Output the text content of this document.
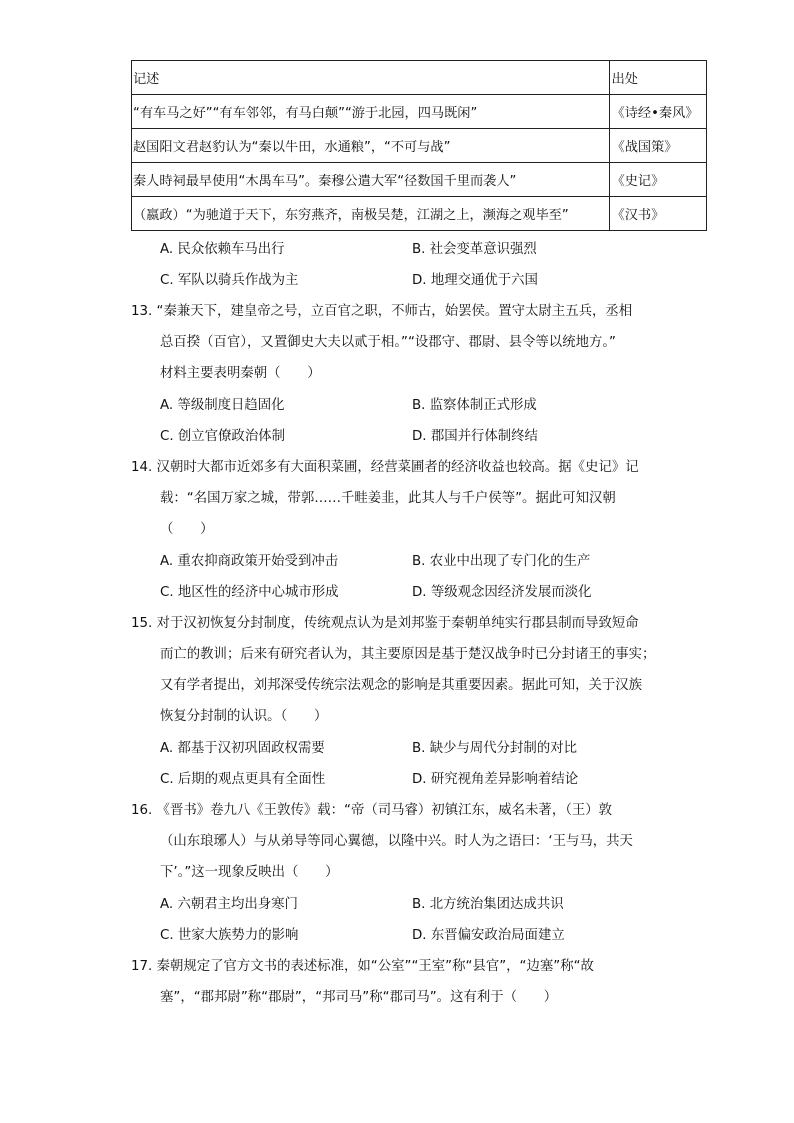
记述	出处
“有车马之好”“有车邻邻，有马白颠”“游于北园，四马既闲”	《诗经•秦风》
赵国阳文君赵豹认为“秦以牛田，水通粮”，“不可与战”	《战国策》
秦人時祠最早使用“木禺车马”。秦穆公遣大军“径数国千里而袭人”	《史记》
（嬴政）“为驰道于天下，东穷燕齐，南极吴楚，江湖之上，濒海之观毕至”	《汉书》
A. 民众依赖车马出行	B. 社会变革意识强烈
C. 军队以骑兵作战为主	D. 地理交通优于六国
13. “秦兼天下，建皇帝之号，立百官之职，不师古，始罢侯。置守太尉主五兵，丞相
总百揆（百官），又置御史大夫以贰于相。”“设郡守、郡尉、县令等以统地方。”
材料主要表明秦朝（　　）
A. 等级制度日趋固化	B. 监察体制正式形成
C. 创立官僚政治体制	D. 郡国并行体制终结
14. 汉朝时大都市近郊多有大面积菜圃，经营菜圃者的经济收益也较高。据《史记》记
载：“名国万家之城，带郭……千畦姜韭，此其人与千户侯等”。据此可知汉朝
（　　）
A. 重农抑商政策开始受到冲击	B. 农业中出现了专门化的生产
C. 地区性的经济中心城市形成	D. 等级观念因经济发展而淡化
15. 对于汉初恢复分封制度，传统观点认为是刘邦鉴于秦朝单纯实行郡县制而导致短命
而亡的教训；后来有研究者认为，其主要原因是基于楚汉战争时已分封诸王的事实；
又有学者提出，刘邦深受传统宗法观念的影响是其重要因素。据此可知，关于汉族
恢复分封制的认识。（　　）
A. 都基于汉初巩固政权需要	B. 缺少与周代分封制的对比
C. 后期的观点更具有全面性	D. 研究视角差异影响着结论
16. 《晋书》卷九八《王敦传》载：“帝（司马睿）初镇江东，威名未著，（王）敦
（山东琅琊人）与从弟导等同心翼德，以隆中兴。时人为之语曰：‘王与马，共天
下’。”这一现象反映出（　　）
A. 六朝君主均出身寒门	B. 北方统治集团达成共识
C. 世家大族势力的影响	D. 东晋偏安政治局面建立
17. 秦朝规定了官方文书的表述标准，如“公室”“王室”称“县官”，“边塞”称“故
塞”，“郡邦尉”称“郡尉”，“邦司马”称“郡司马”。这有利于（　　）
